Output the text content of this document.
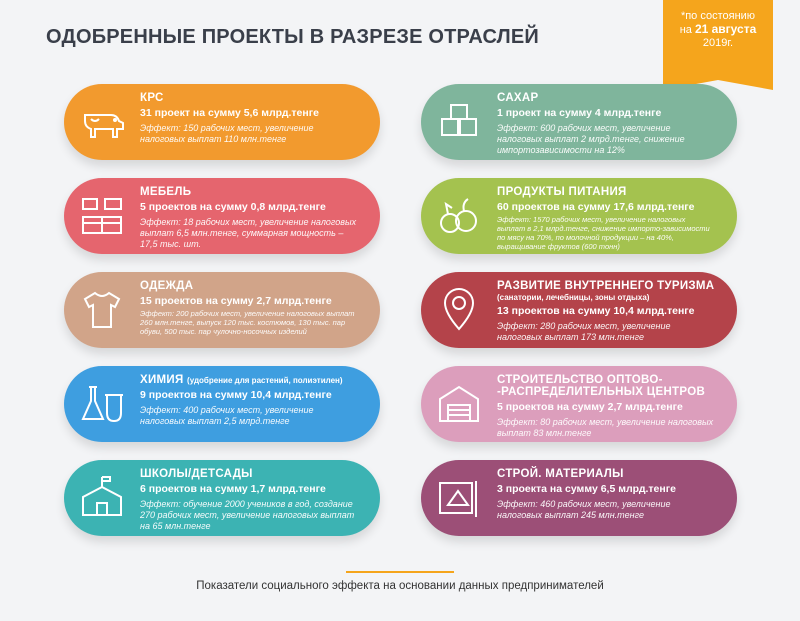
ОДОБРЕННЫЕ ПРОЕКТЫ В РАЗРЕЗЕ ОТРАСЛЕЙ
*по состоянию
на 21 августа
2019г.
КРС
31 проект на сумму 5,6 млрд.тенге
Эффект: 150 рабочих мест, увеличение налоговых выплат 110 млн.тенге
МЕБЕЛЬ
5 проектов на сумму 0,8 млрд.тенге
Эффект: 18 рабочих мест, увеличение налоговых выплат 6,5 млн.тенге, суммарная мощность – 17,5 тыс. шт.
ОДЕЖДА
15 проектов на сумму 2,7 млрд.тенге
Эффект: 200 рабочих мест, увеличение налоговых выплат 260 млн.тенге, выпуск 120 тыс. костюмов, 130 тыс. пар обуви, 500 тыс. пар чулочно-носочных изделий
ХИМИЯ (удобрение для растений, полиэтилен)
9 проектов на сумму 10,4 млрд.тенге
Эффект: 400 рабочих мест, увеличение налоговых выплат 2,5 млрд.тенге
ШКОЛЫ/ДЕТСАДЫ
6 проектов на сумму 1,7 млрд.тенге
Эффект: обучение 2000 учеников в год, создание 270 рабочих мест, увеличение налоговых выплат на 65 млн.тенге
САХАР
1 проект на сумму 4 млрд.тенге
Эффект: 600 рабочих мест, увеличение налоговых выплат 2 млрд.тенге, снижение импортозависимости на 12%
ПРОДУКТЫ ПИТАНИЯ
60 проектов на сумму 17,6 млрд.тенге
Эффект: 1570 рабочих мест, увеличение налоговых выплат в 2,1 млрд.тенге, снижение импорто-зависимости по мясу на 70%, по молочной продукции – на 40%, выращивание фруктов (600 тонн)
РАЗВИТИЕ ВНУТРЕННЕГО ТУРИЗМА
(санатории, лечебницы, зоны отдыха)
13 проектов на сумму 10,4 млрд.тенге
Эффект: 280 рабочих мест, увеличение налоговых выплат 173 млн.тенге
СТРОИТЕЛЬСТВО ОПТОВО- -РАСПРЕДЕЛИТЕЛЬНЫХ ЦЕНТРОВ
5 проектов на сумму 2,7 млрд.тенге
Эффект: 80 рабочих мест, увеличение налоговых выплат 83 млн.тенге
СТРОЙ. МАТЕРИАЛЫ
3 проекта на сумму 6,5 млрд.тенге
Эффект: 460 рабочих мест, увеличение налоговых выплат 245 млн.тенге
Показатели социального эффекта на основании данных предпринимателей
